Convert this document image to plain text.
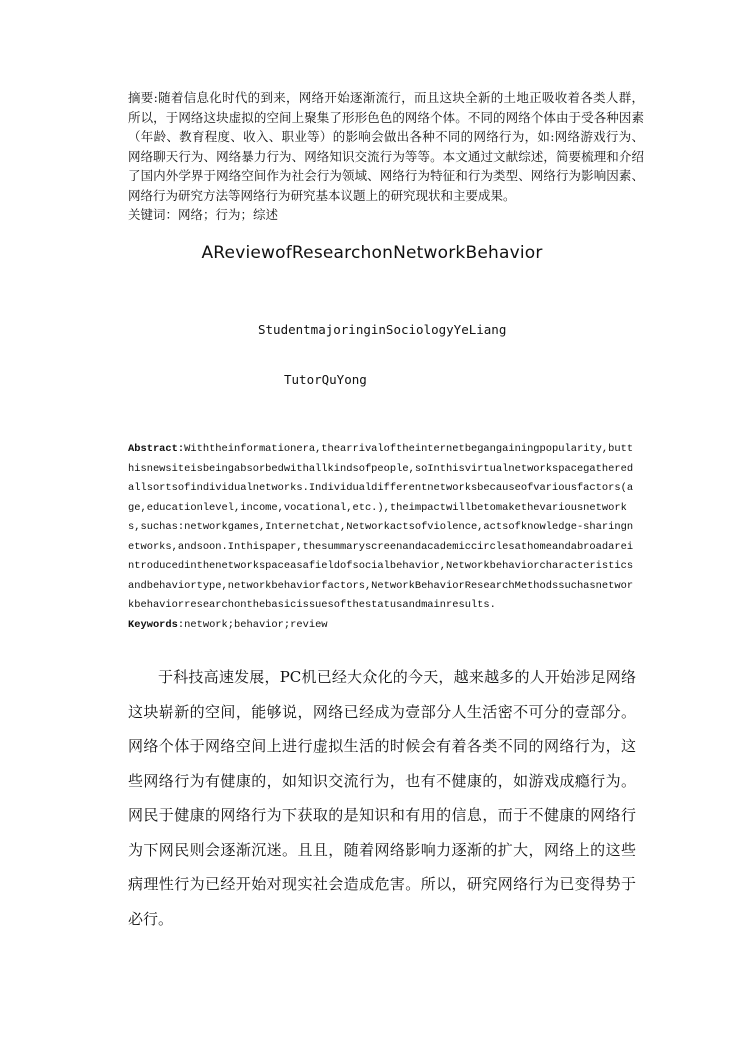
摘要:随着信息化时代的到来，网络开始逐渐流行，而且这块全新的土地正吸收着各类人群，所以，于网络这块虚拟的空间上聚集了形形色色的网络个体。不同的网络个体由于受各种因素（年龄、教育程度、收入、职业等）的影响会做出各种不同的网络行为，如:网络游戏行为、网络聊天行为、网络暴力行为、网络知识交流行为等等。本文通过文献综述，简要梳理和介绍了国内外学界于网络空间作为社会行为领域、网络行为特征和行为类型、网络行为影响因素、网络行为研究方法等网络行为研究基本议题上的研究现状和主要成果。

关键词：网络；行为；综述

AReviewofResearchonNetworkBehavior
StudentmajoringinSociologyYeLiang
TutorQuYong

Abstract:Withtheinformationera,thearrivaloftheinternetbegangainingpopularity,butthisnewsiteisbeingabsorbedwithallkindsofpeople,soInthisvirtualnetworkspacegatheredallsortsofindividualnetworks.Individualdifferentnetworksbecauseofvariousfactors(age,educationlevel,income,vocational,etc.),theimpactwillbetomakethevariousnetworks,suchas:networkgames,Internetchat,Networkactsofviolence,actsofknowledge-sharingnetworks,andsoon.Inthispaper,thesummaryscreenandacademiccirclesathomeandabroadareintroducedinthenetworkspaceasafieldofsocialbehavior,Networkbehaviorcharacteristicsandbehaviortype,networkbehaviorfactors,NetworkBehaviorResearchMethodssuchasnetworkbehaviorresearchonthebasicissuesofthestatusandmainresults.

Keywords:network;behavior;review

于科技高速发展，PC机已经大众化的今天，越来越多的人开始涉足网络这块崭新的空间，能够说，网络已经成为壹部分人生活密不可分的壹部分。网络个体于网络空间上进行虚拟生活的时候会有着各类不同的网络行为，这些网络行为有健康的，如知识交流行为，也有不健康的，如游戏成瘾行为。网民于健康的网络行为下获取的是知识和有用的信息，而于不健康的网络行为下网民则会逐渐沉迷。且且，随着网络影响力逐渐的扩大，网络上的这些病理性行为已经开始对现实社会造成危害。所以，研究网络行为已变得势于必行。
